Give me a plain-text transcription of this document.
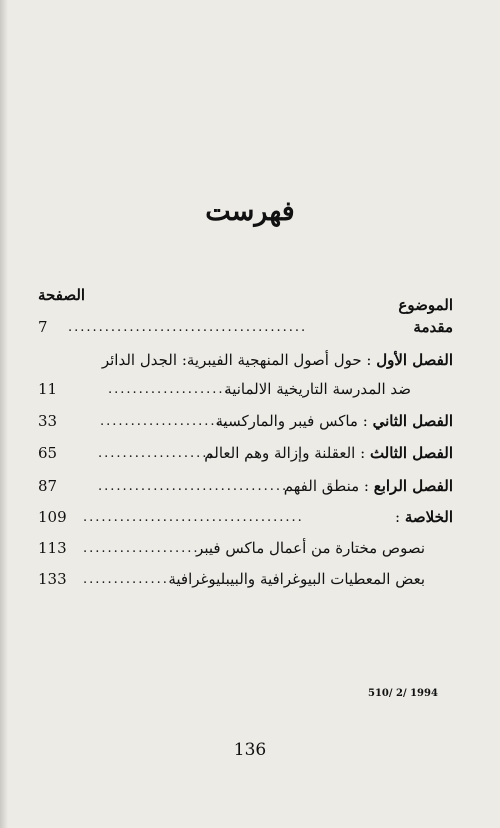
فهرست
الصفحة
الموضوع
مقدمة
.......................................
7
الفصل الأول : حول أصول المنهجية الفيبرية: الجدل الدائر
ضد المدرسة التاريخية الالمانية
....................
11
الفصل الثاني : ماكس فيبر والماركسية
......................
33
الفصل الثالث : العقلنة وإزالة وهم العالم
....................
65
الفصل الرابع : منطق الفهم
...............................
87
الخلاصة :
....................................
109
نصوص مختارة من أعمال ماكس فيبر
...................
113
بعض المعطيات البيوغرافية والبيبليوغرافية
..............
133
510/ 2/ 1994
136
